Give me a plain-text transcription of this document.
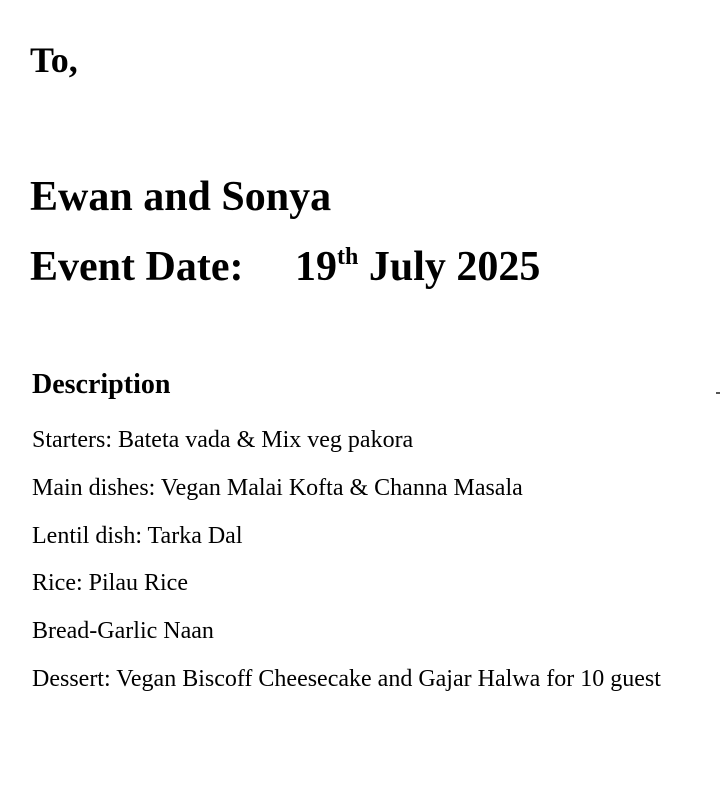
To,
Ewan and Sonya
Event Date: 19th July 2025
Description
Starters: Bateta vada & Mix veg pakora
Main dishes: Vegan Malai Kofta & Channa Masala
Lentil dish: Tarka Dal
Rice: Pilau Rice
Bread-Garlic Naan
Dessert: Vegan Biscoff Cheesecake and Gajar Halwa for 10 guest
